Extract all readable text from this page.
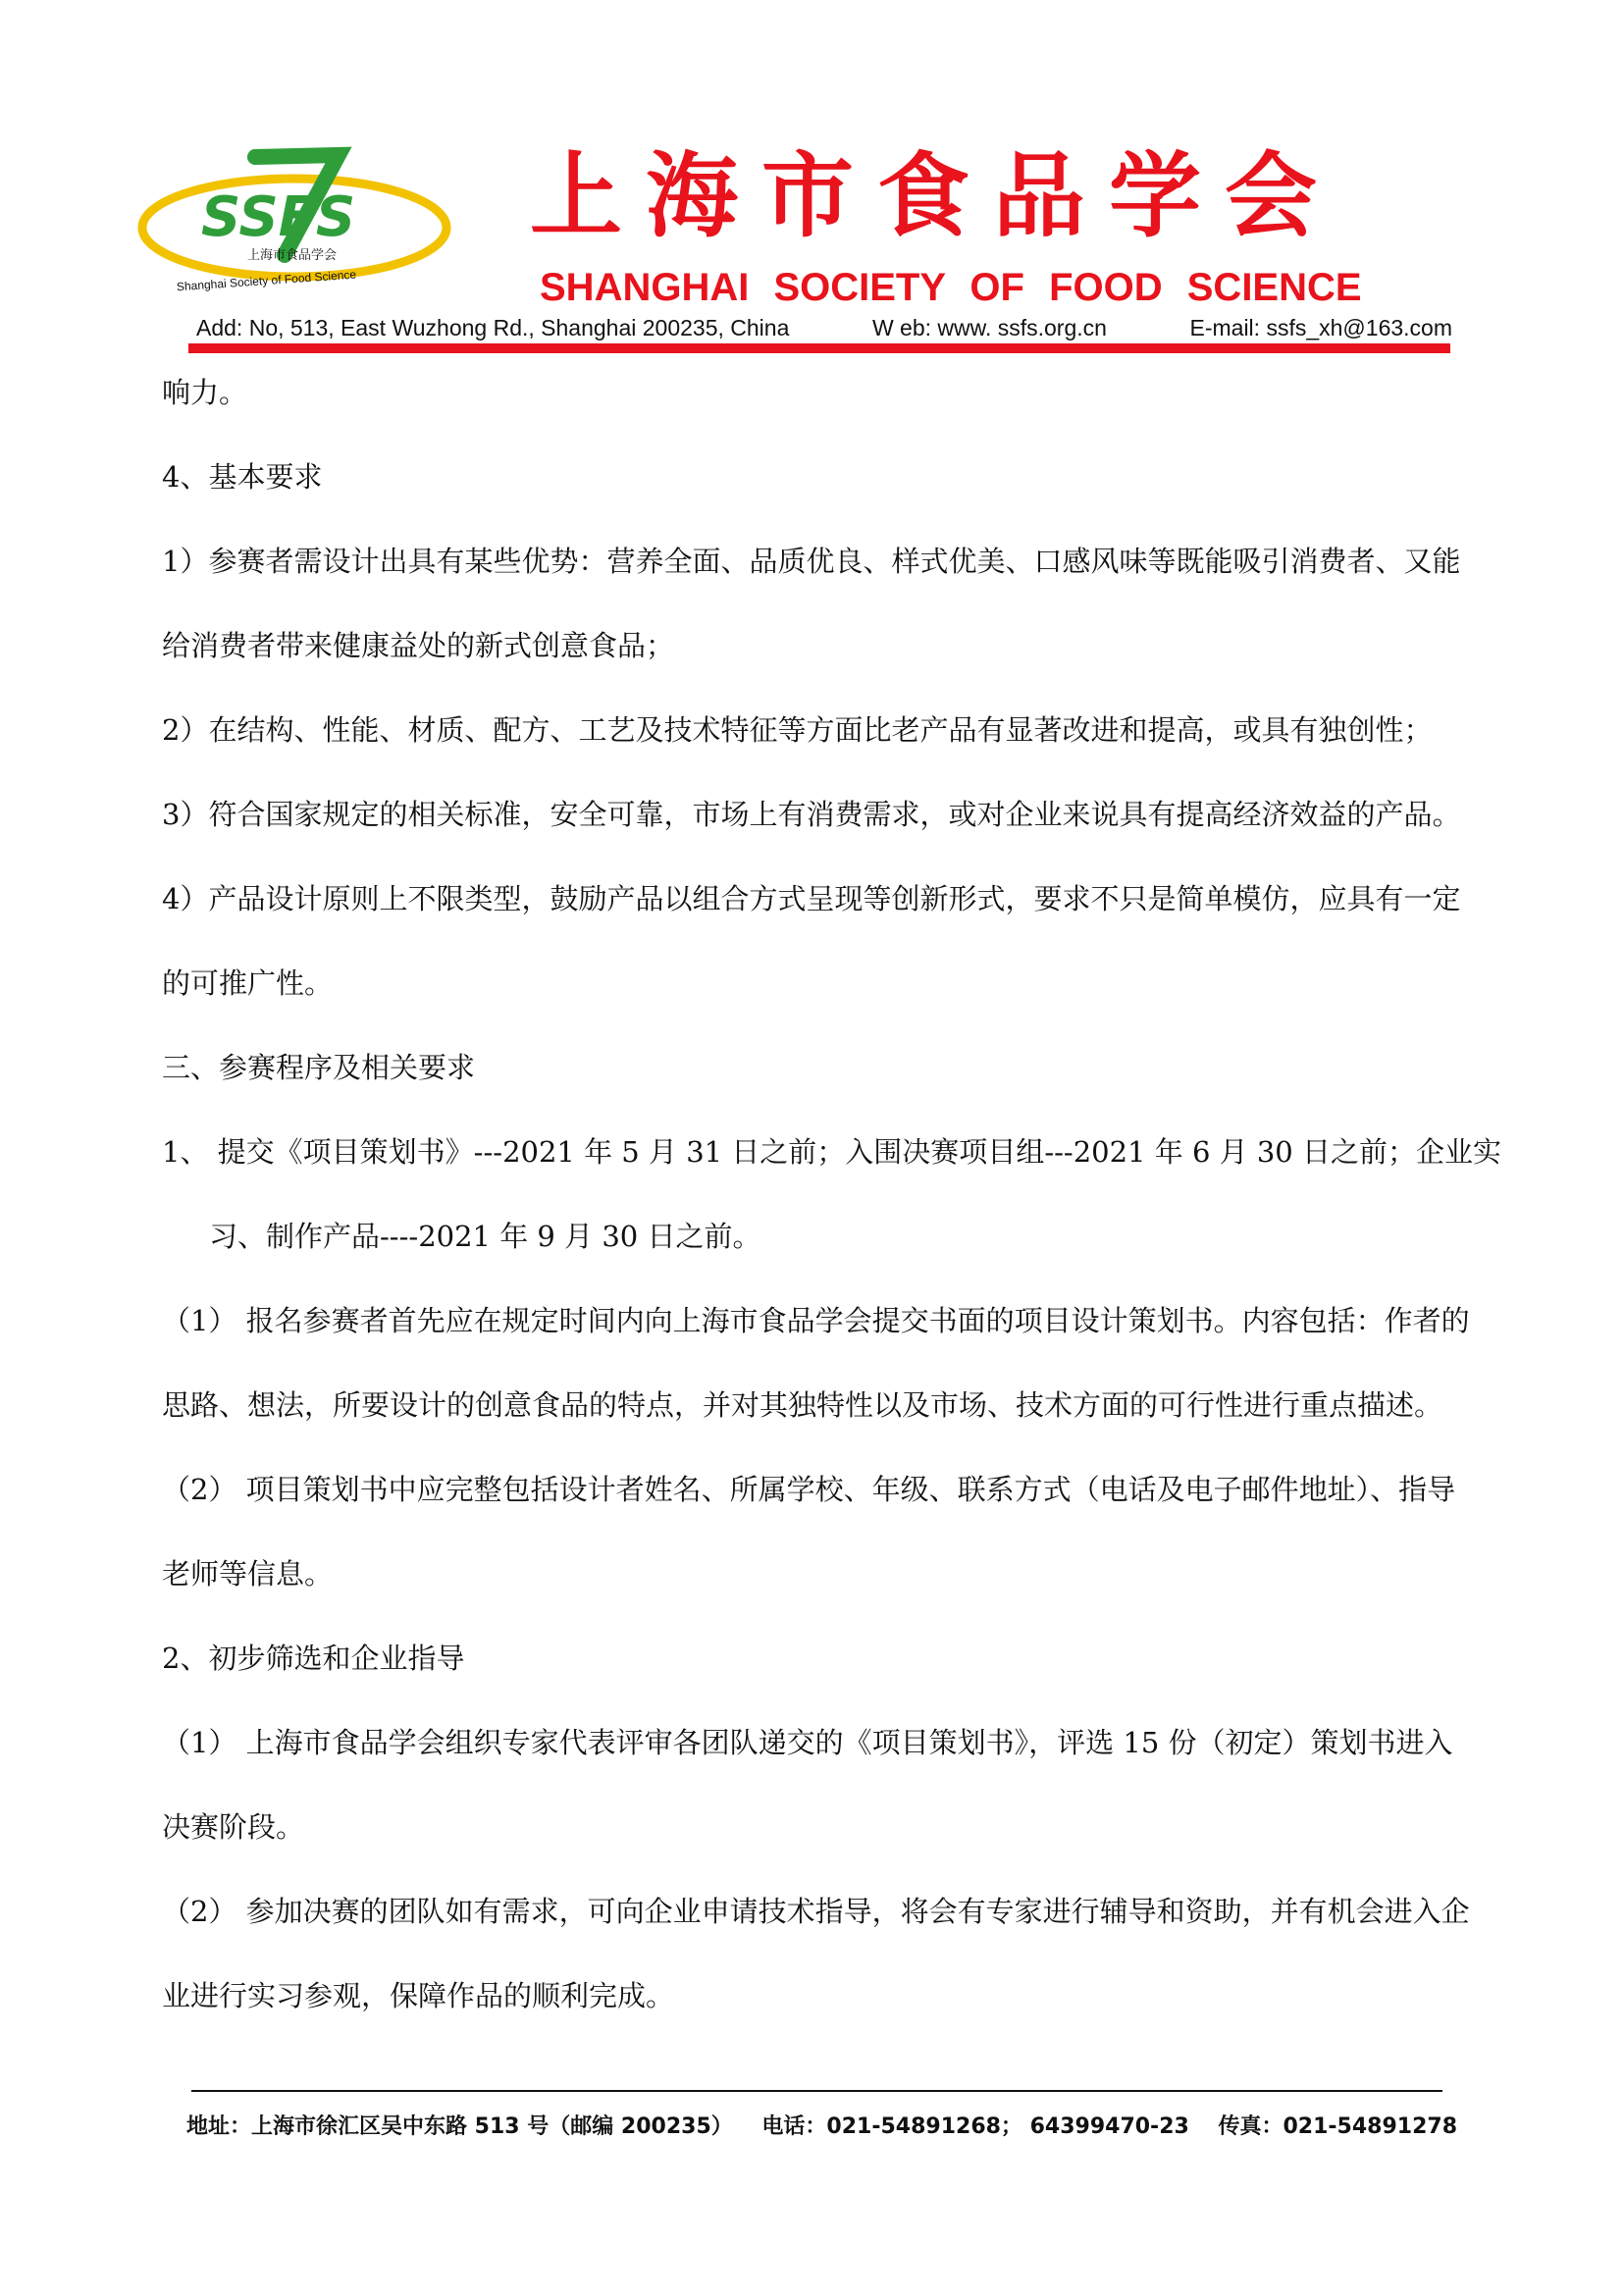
SSFS
上海市食品学会
Shanghai Society of Food Science
上海市食品学会
SHANGHAI SOCIETY OF FOOD SCIENCE
Add: No, 513, East Wuzhong Rd., Shanghai 200235, China	W eb: www. ssfs.org.cn	E-mail: ssfs_xh@163.com
响力。
4、基本要求
1）参赛者需设计出具有某些优势：营养全面、品质优良、样式优美、口感风味等既能吸引消费者、又能
给消费者带来健康益处的新式创意食品；
2）在结构、性能、材质、配方、工艺及技术特征等方面比老产品有显著改进和提高，或具有独创性；
3）符合国家规定的相关标准，安全可靠，市场上有消费需求，或对企业来说具有提高经济效益的产品。
4）产品设计原则上不限类型，鼓励产品以组合方式呈现等创新形式，要求不只是简单模仿，应具有一定
的可推广性。
三、参赛程序及相关要求
1、 提交《项目策划书》---2021 年 5 月 31 日之前；入围决赛项目组---2021 年 6 月 30 日之前；企业实
习、制作产品----2021 年 9 月 30 日之前。
（1） 报名参赛者首先应在规定时间内向上海市食品学会提交书面的项目设计策划书。内容包括：作者的
思路、想法，所要设计的创意食品的特点，并对其独特性以及市场、技术方面的可行性进行重点描述。
（2） 项目策划书中应完整包括设计者姓名、所属学校、年级、联系方式（电话及电子邮件地址）、指导
老师等信息。
2、初步筛选和企业指导
（1） 上海市食品学会组织专家代表评审各团队递交的《项目策划书》，评选 15 份（初定）策划书进入
决赛阶段。
（2） 参加决赛的团队如有需求，可向企业申请技术指导，将会有专家进行辅导和资助，并有机会进入企
业进行实习参观，保障作品的顺利完成。
地址：上海市徐汇区吴中东路 513 号（邮编 200235） 电话：021-54891268； 64399470-23 传真：021-54891278
